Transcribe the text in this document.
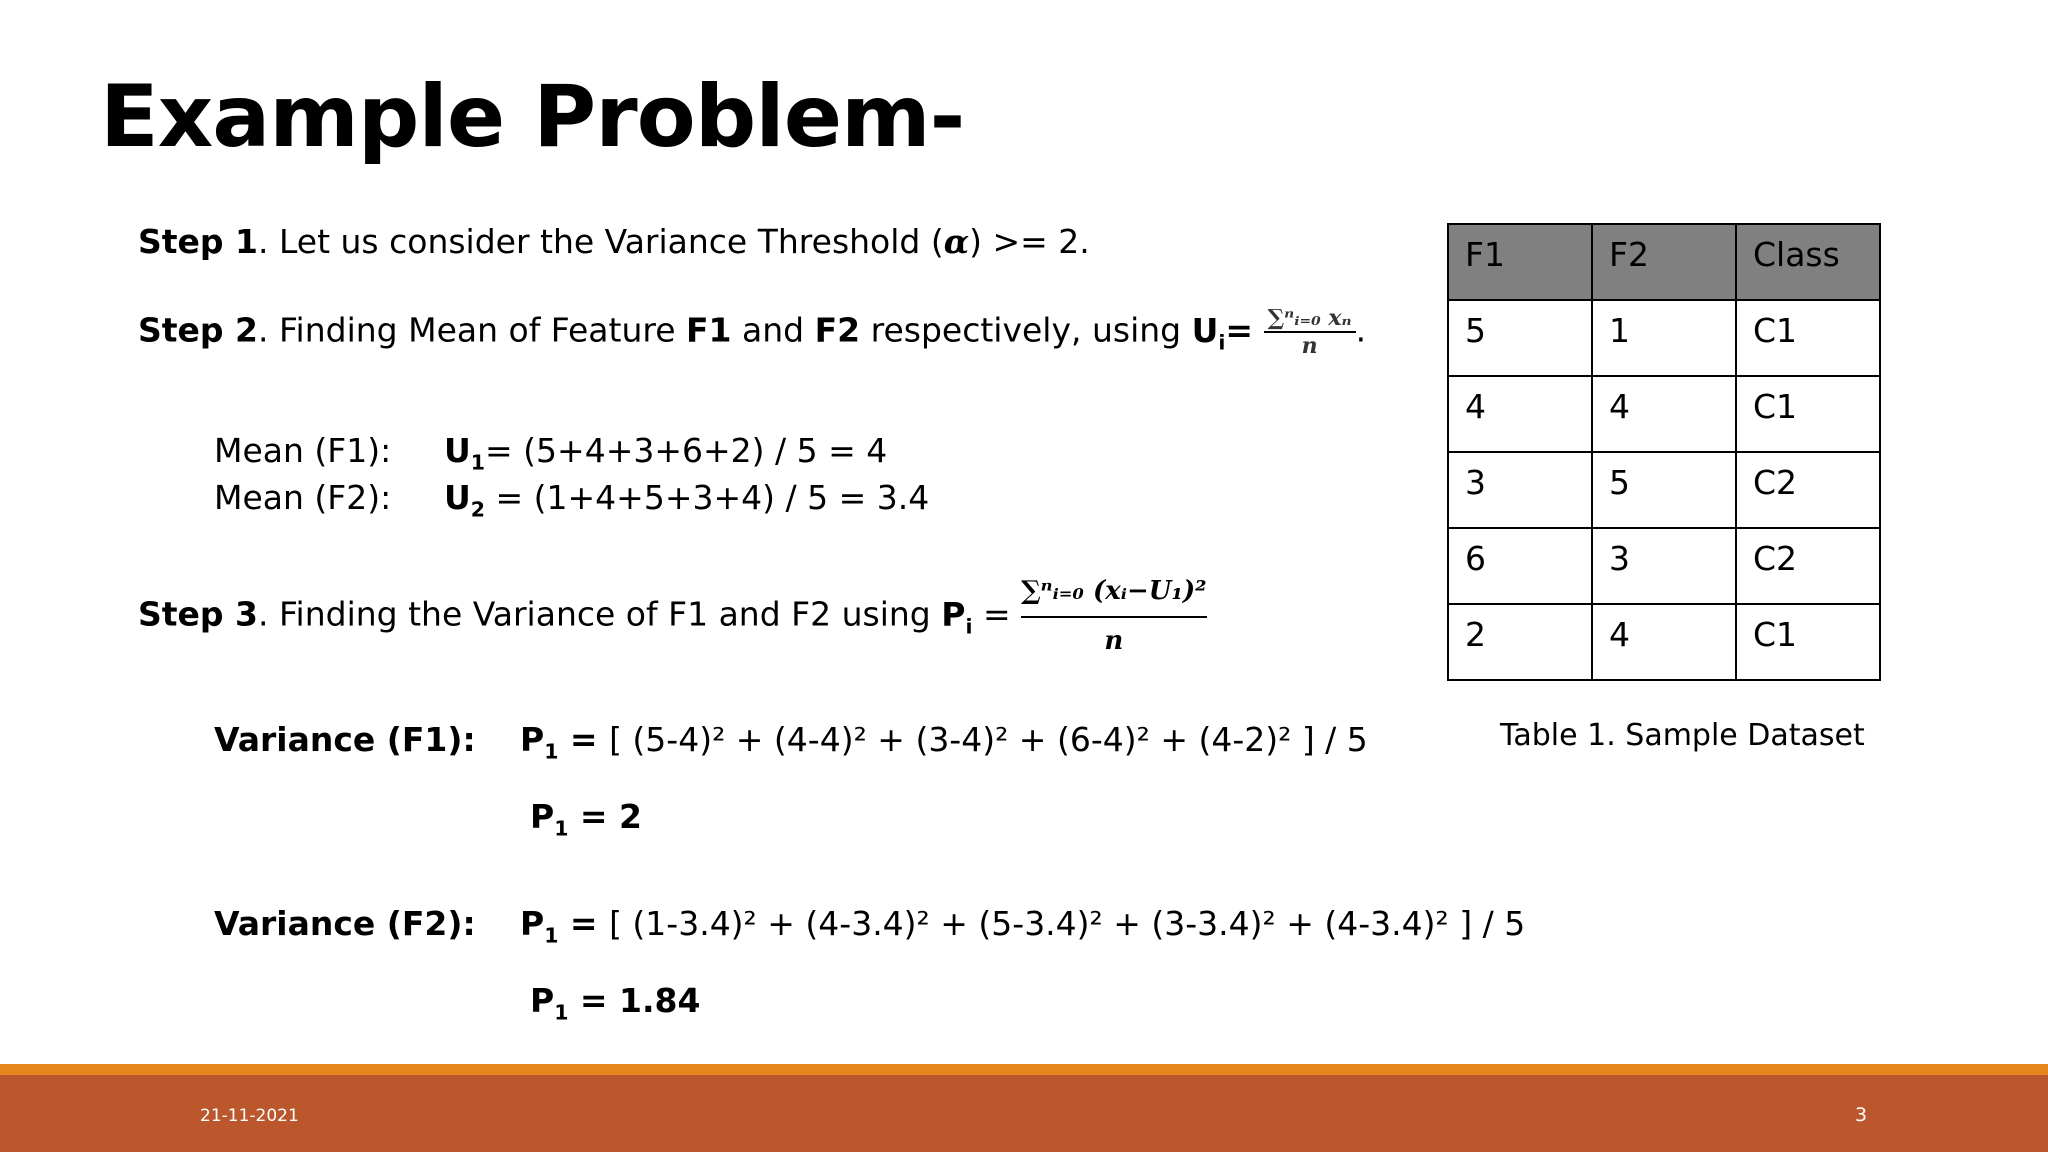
Example Problem-
Step 1. Let us consider the Variance Threshold (α) >= 2.
Step 2. Finding Mean of Feature F1 and F2 respectively, using $U_i= \frac{\text{∑ⁿᵢ₌₀ xₙ}}{n}$ .
Mean (F1): $U_1= (5+4+3+6+2) / 5 = 4$
Mean (F2): $U_2 = (1+4+5+3+4) / 5 = 3.4$
Step 3. Finding the Variance of F1 and F2 using $P_i = \frac{\text{∑ⁿᵢ₌₀ (xᵢ−U₁)²}}{n}$
Variance (F1): $P_1$ = [ (5-4)² + (4-4)² + (3-4)² + (6-4)² + (4-2)² ] / 5
$P_1 = 2$
Variance (F2): $P_1$ = [ (1-3.4)² + (4-3.4)² + (5-3.4)² + (3-3.4)² + (4-3.4)² ] / 5
$P_1 = 1.84$
F1	F2	Class
5	1	C1
4	4	C1
3	5	C2
6	3	C2
2	4	C1
Table 1. Sample Dataset
21-11-2021	3
